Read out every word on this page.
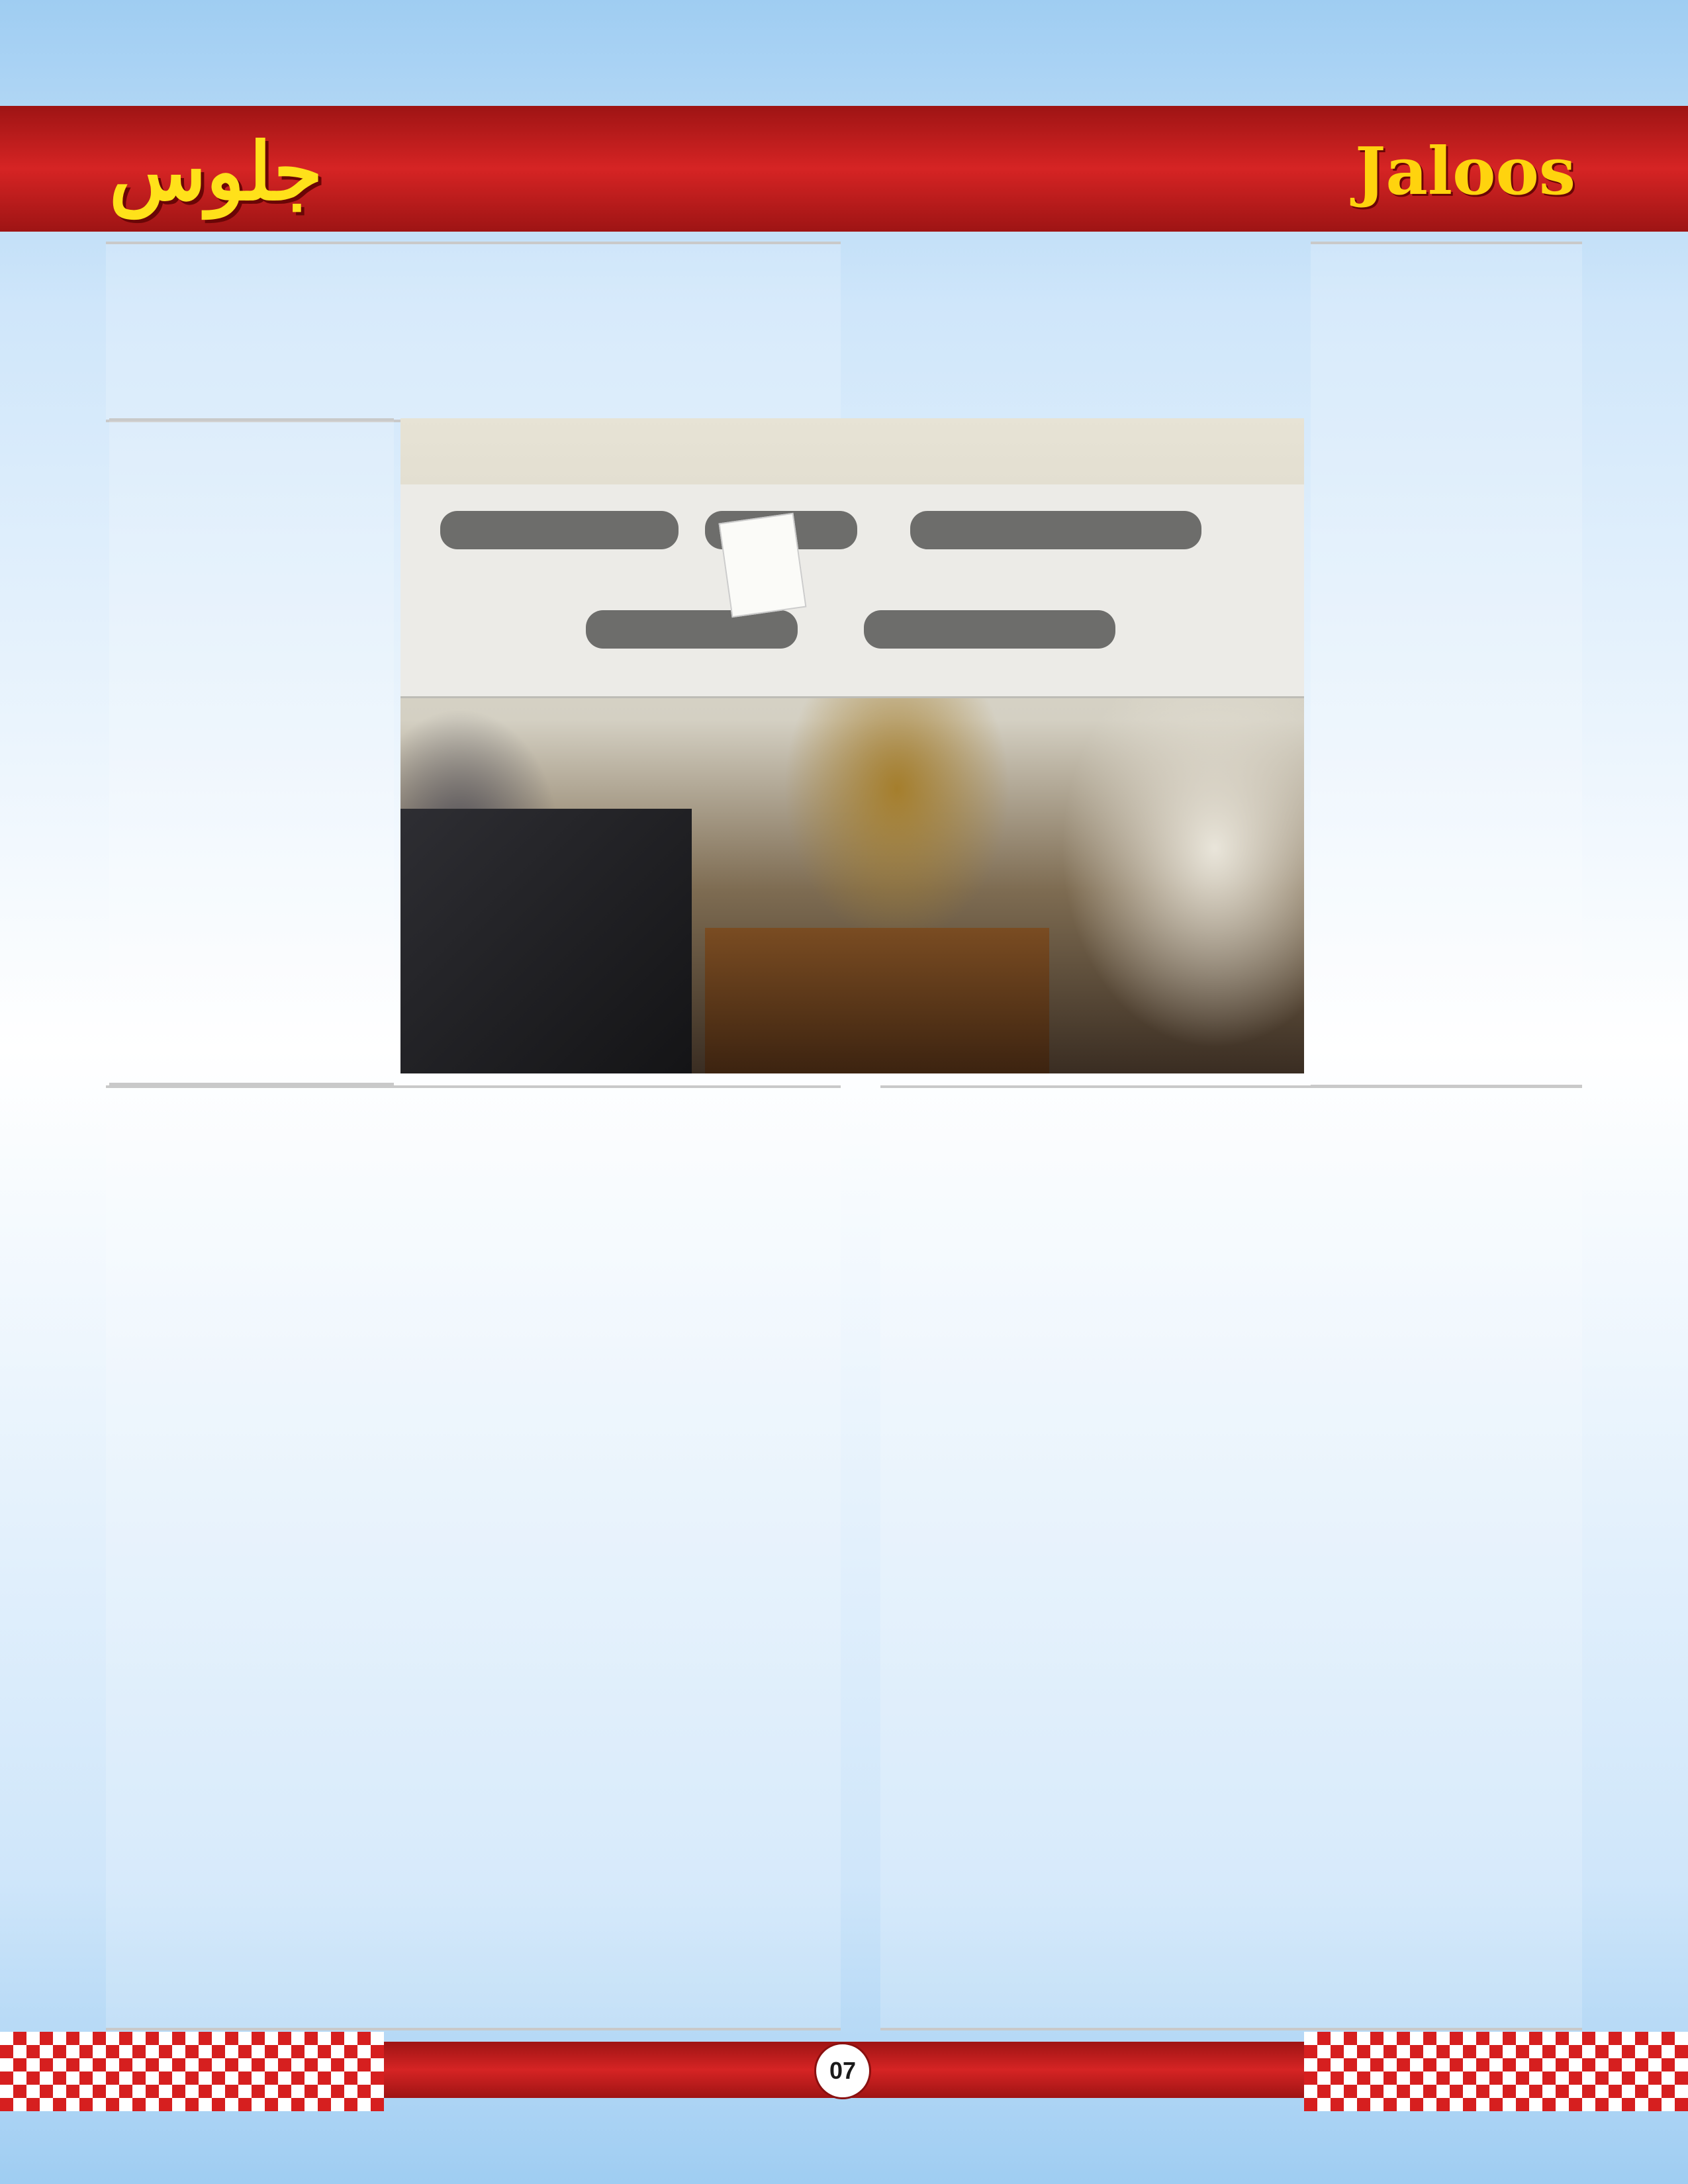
جلوس	Jaloos
07
